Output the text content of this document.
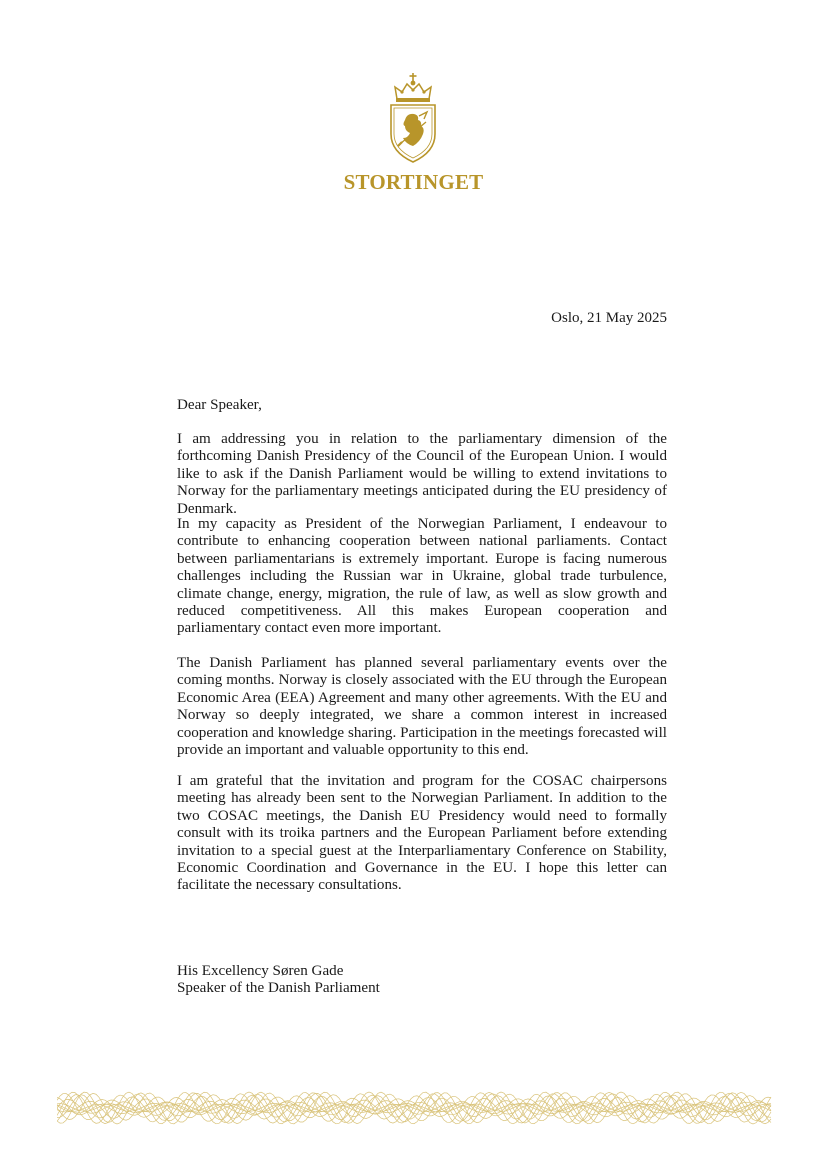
STORTINGET
Oslo, 21 May 2025

Dear Speaker,

I am addressing you in relation to the parliamentary dimension of the forthcoming Danish Presidency of the Council of the European Union. I would like to ask if the Danish Parliament would be willing to extend invitations to Norway for the parliamentary meetings anticipated during the EU presidency of Denmark.

In my capacity as President of the Norwegian Parliament, I endeavour to contribute to enhancing cooperation between national parliaments. Contact between parliamentarians is extremely important. Europe is facing numerous challenges including the Russian war in Ukraine, global trade turbulence, climate change, energy, migration, the rule of law, as well as slow growth and reduced competitiveness. All this makes European cooperation and parliamentary contact even more important.

The Danish Parliament has planned several parliamentary events over the coming months. Norway is closely associated with the EU through the European Economic Area (EEA) Agreement and many other agreements. With the EU and Norway so deeply integrated, we share a common interest in increased cooperation and knowledge sharing. Participation in the meetings forecasted will provide an important and valuable opportunity to this end.

I am grateful that the invitation and program for the COSAC chairpersons meeting has already been sent to the Norwegian Parliament. In addition to the two COSAC meetings, the Danish EU Presidency would need to formally consult with its troika partners and the European Parliament before extending invitation to a special guest at the Interparliamentary Conference on Stability, Economic Coordination and Governance in the EU. I hope this letter can facilitate the necessary consultations.

His Excellency Søren Gade
Speaker of the Danish Parliament
